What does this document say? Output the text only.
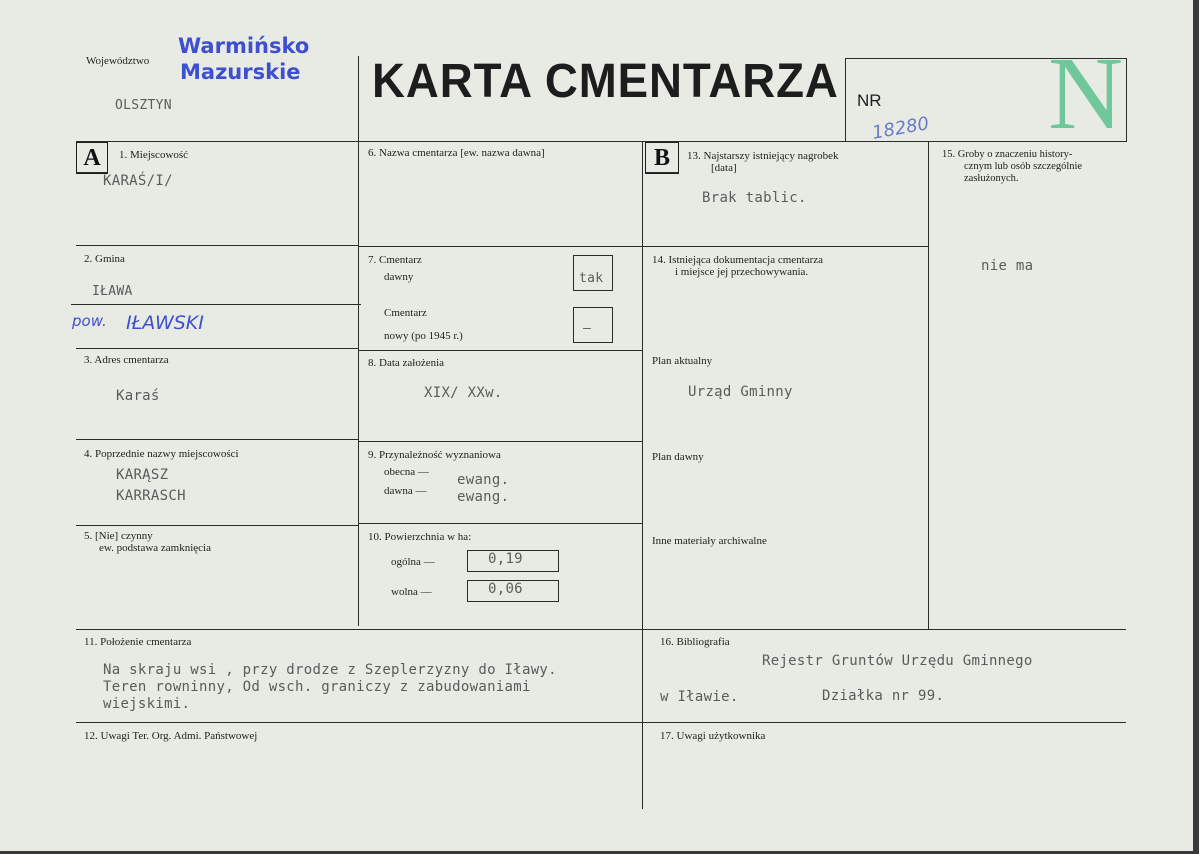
Województwo
Warmińsko
Mazurskie
OLSZTYN	KARTA CMENTARZA NR N
18280
A	1. Miejscowość
KARAŚ/I/
2. Gmina
IŁAWA
pow. IŁAWSKI
3. Adres cmentarza
Karaś
4. Poprzednie nazwy miejscowości
KARĄSZ
KARRASCH
5. [Nie] czynny
ew. podstawa zamknięcia
6. Nazwa cmentarza [ew. nazwa dawna]
7. Cmentarz
dawny	tak
Cmentarz
nowy (po 1945 r.)	—
8. Data założenia
XIX/ XXw.
9. Przynależność wyznaniowa
obecna — ewang.
dawna — ewang.
10. Powierzchnia w ha:
ogólna —	0,19
wolna —	0,06
11. Położenie cmentarza
Na skraju wsi , przy drodze z Szeplerzyzny do Iławy.
Teren rowninny, Od wsch. graniczy z zabudowaniami
wiejskimi.
12. Uwagi Ter. Org. Admi. Państwowej
B	13. Najstarszy istniejący nagrobek
[data]
Brak tablic.
14. Istniejąca dokumentacja cmentarza
i miejsce jej przechowywania.
Plan aktualny
Urząd Gminny
Plan dawny
Inne materiały archiwalne
15. Groby o znaczeniu history-
cznym lub osób szczególnie
zasłużonych.
nie ma
16. Bibliografia
Rejestr Gruntów Urzędu Gminnego
w Iławie.	Działka nr 99.
17. Uwagi użytkownika
